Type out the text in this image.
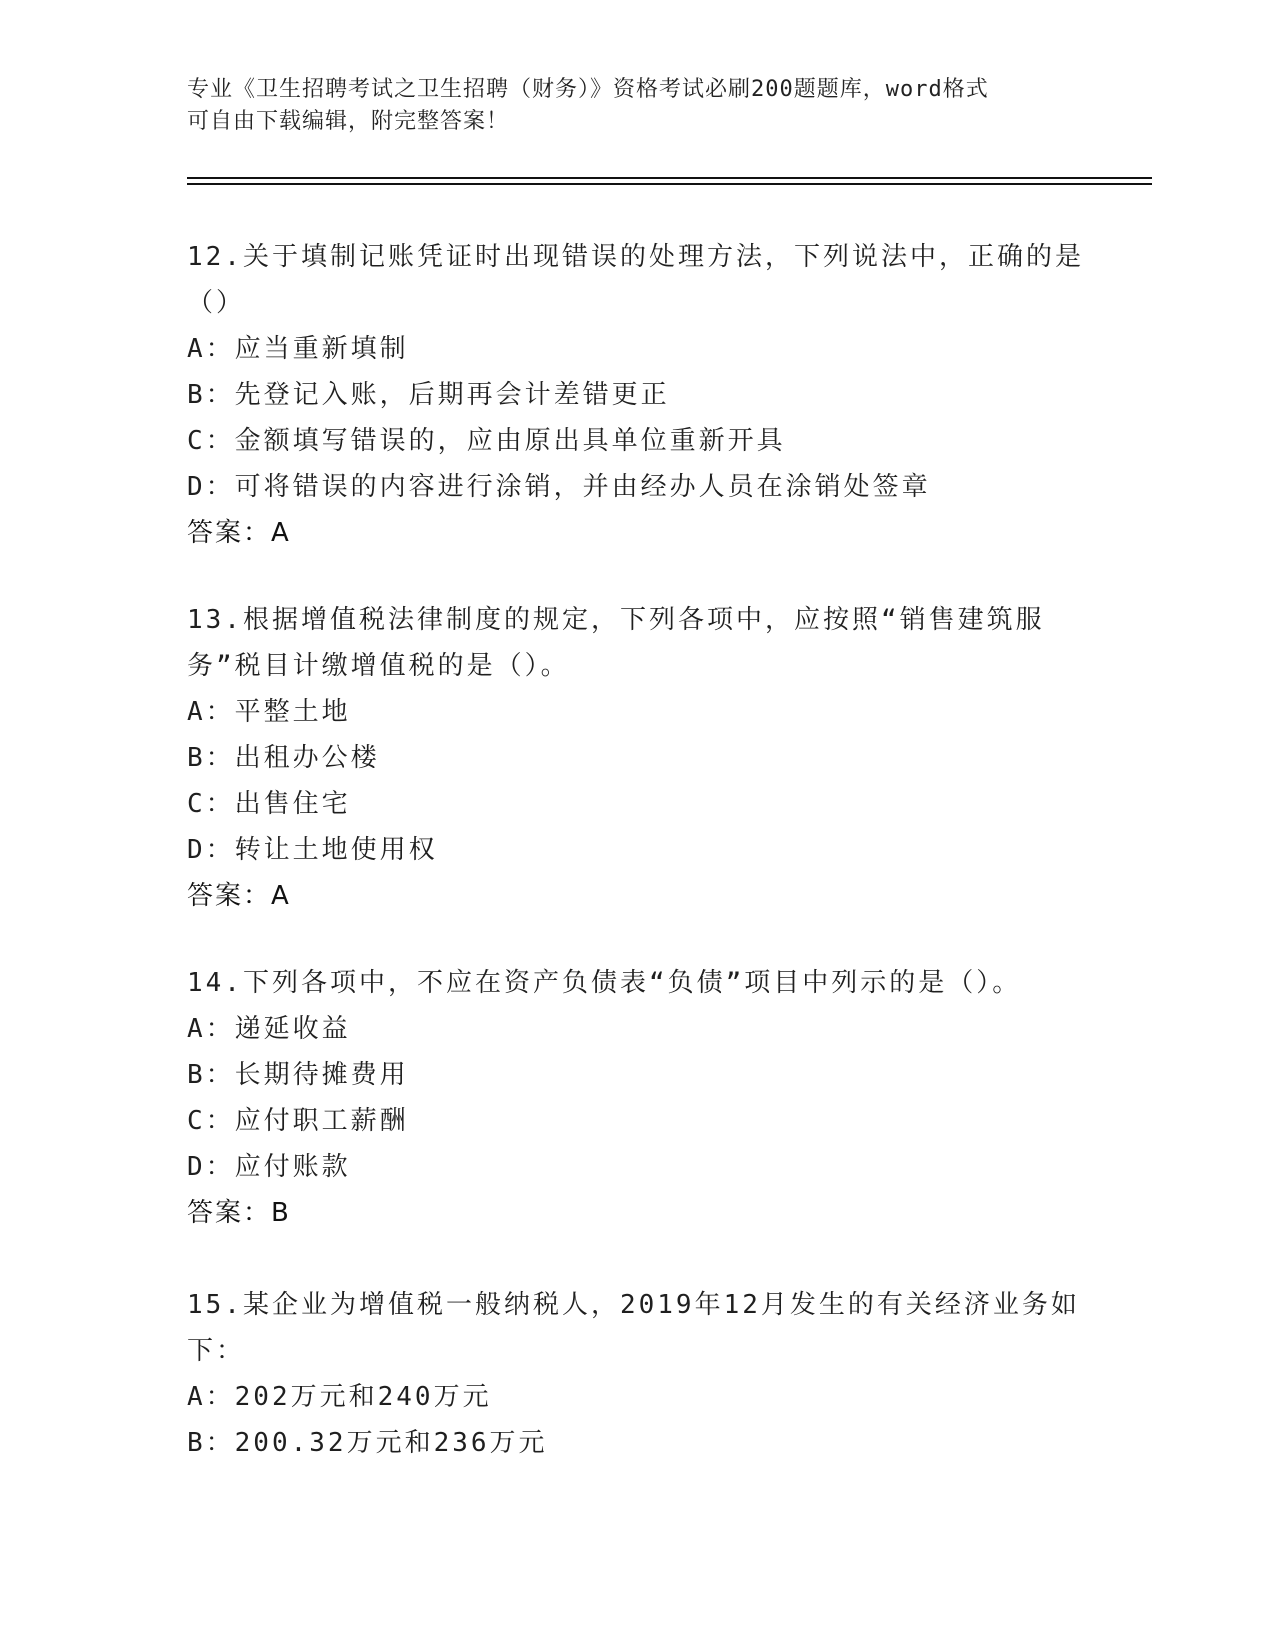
专业《卫生招聘考试之卫生招聘（财务）》资格考试必刷200题题库，word格式
可自由下载编辑，附完整答案！

12.关于填制记账凭证时出现错误的处理方法，下列说法中，正确的是（）

A：应当重新填制

B：先登记入账，后期再会计差错更正

C：金额填写错误的，应由原出具单位重新开具

D：可将错误的内容进行涂销，并由经办人员在涂销处签章

答案：A

13.根据增值税法律制度的规定，下列各项中，应按照“销售建筑服务”税目计缴增值税的是（）。

A：平整土地

B：出租办公楼

C：出售住宅

D：转让土地使用权

答案：A

14.下列各项中，不应在资产负债表“负债”项目中列示的是（）。

A：递延收益

B：长期待摊费用

C：应付职工薪酬

D：应付账款

答案：B

15.某企业为增值税一般纳税人，2019年12月发生的有关经济业务如下：

A：202万元和240万元

B：200.32万元和236万元
